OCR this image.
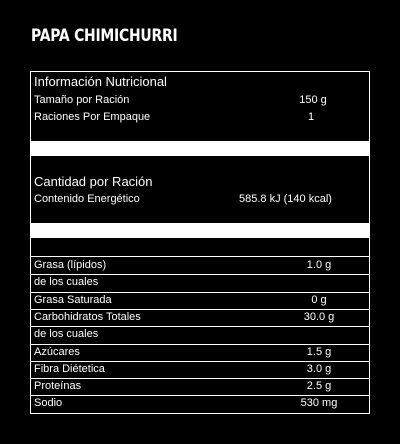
PAPA CHIMICHURRI
Información Nutricional
Tamaño por Ración	150 g
Raciones Por Empaque	1
Cantidad por Ración
Contenido Energético	585.8 kJ (140 kcal)
Grasa (lípidos)	1.0 g
de los cuales
Grasa Saturada	0 g
Carbohidratos Totales	30.0 g
de los cuales
Azúcares	1.5 g
Fibra Diétetica	3.0 g
Proteínas	2.5 g
Sodio	530 mg
